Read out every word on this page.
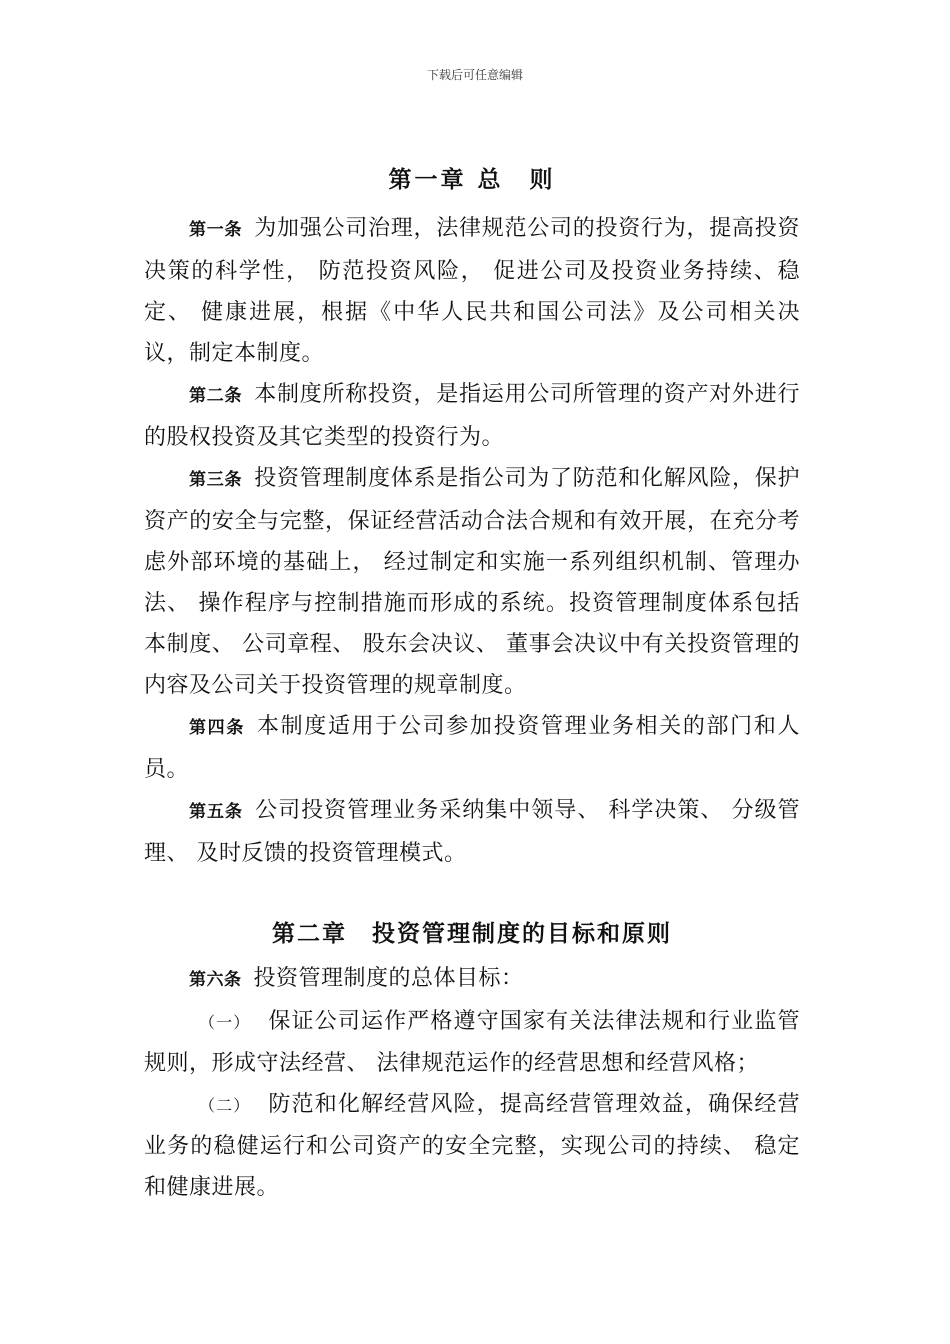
下载后可任意编辑
第一章 总　则

第一条 为加强公司治理，法律规范公司的投资行为，提高投资决策的科学性， 防范投资风险， 促进公司及投资业务持续、稳定、 健康进展，根据《中华人民共和国公司法》及公司相关决议，制定本制度。

第二条 本制度所称投资，是指运用公司所管理的资产对外进行的股权投资及其它类型的投资行为。

第三条 投资管理制度体系是指公司为了防范和化解风险，保护资产的安全与完整，保证经营活动合法合规和有效开展，在充分考虑外部环境的基础上， 经过制定和实施一系列组织机制、管理办法、 操作程序与控制措施而形成的系统。投资管理制度体系包括本制度、 公司章程、 股东会决议、 董事会决议中有关投资管理的内容及公司关于投资管理的规章制度。

第四条 本制度适用于公司参加投资管理业务相关的部门和人员。

第五条 公司投资管理业务采纳集中领导、 科学决策、 分级管理、 及时反馈的投资管理模式。

第二章　投资管理制度的目标和原则

第六条 投资管理制度的总体目标：

（一） 保证公司运作严格遵守国家有关法律法规和行业监管规则，形成守法经营、 法律规范运作的经营思想和经营风格；

（二） 防范和化解经营风险，提高经营管理效益，确保经营业务的稳健运行和公司资产的安全完整，实现公司的持续、 稳定和健康进展。
